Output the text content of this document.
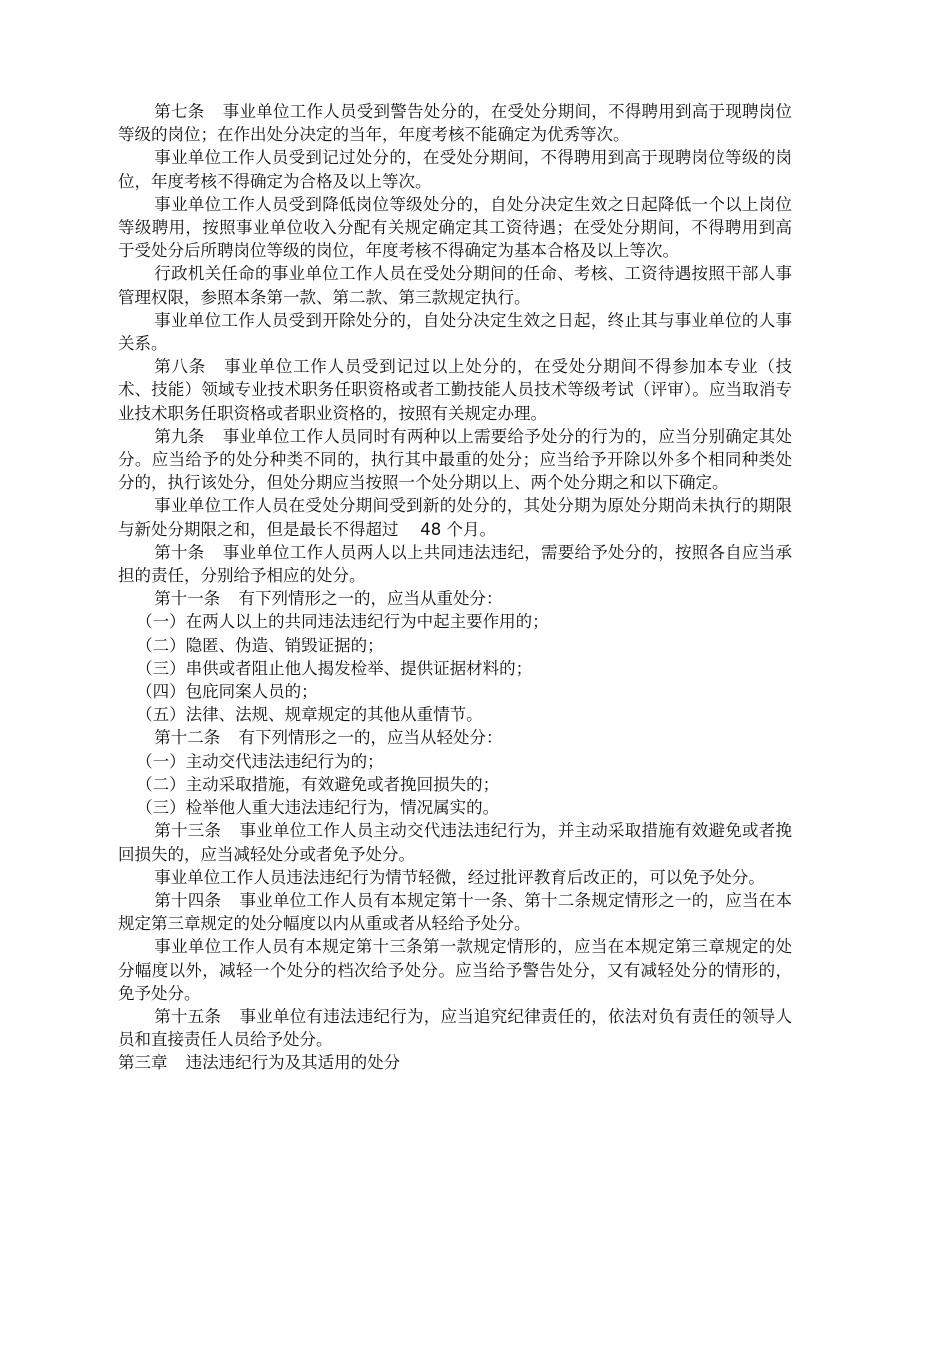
第七条 事业单位工作人员受到警告处分的，在受处分期间，不得聘用到高于现聘岗位等级的岗位；在作出处分决定的当年，年度考核不能确定为优秀等次。

事业单位工作人员受到记过处分的，在受处分期间，不得聘用到高于现聘岗位等级的岗位，年度考核不得确定为合格及以上等次。

事业单位工作人员受到降低岗位等级处分的，自处分决定生效之日起降低一个以上岗位等级聘用，按照事业单位收入分配有关规定确定其工资待遇；在受处分期间，不得聘用到高于受处分后所聘岗位等级的岗位，年度考核不得确定为基本合格及以上等次。

行政机关任命的事业单位工作人员在受处分期间的任命、考核、工资待遇按照干部人事管理权限，参照本条第一款、第二款、第三款规定执行。

事业单位工作人员受到开除处分的，自处分决定生效之日起，终止其与事业单位的人事关系。

第八条 事业单位工作人员受到记过以上处分的，在受处分期间不得参加本专业（技术、技能）领域专业技术职务任职资格或者工勤技能人员技术等级考试（评审）。应当取消专业技术职务任职资格或者职业资格的，按照有关规定办理。

第九条 事业单位工作人员同时有两种以上需要给予处分的行为的，应当分别确定其处分。应当给予的处分种类不同的，执行其中最重的处分；应当给予开除以外多个相同种类处分的，执行该处分，但处分期应当按照一个处分期以上、两个处分期之和以下确定。

事业单位工作人员在受处分期间受到新的处分的，其处分期为原处分期尚未执行的期限与新处分期限之和，但是最长不得超过　 48 个月。

第十条 事业单位工作人员两人以上共同违法违纪，需要给予处分的，按照各自应当承担的责任，分别给予相应的处分。

第十一条 有下列情形之一的，应当从重处分：

（一）在两人以上的共同违法违纪行为中起主要作用的；

（二）隐匿、伪造、销毁证据的；

（三）串供或者阻止他人揭发检举、提供证据材料的；

（四）包庇同案人员的；

（五）法律、法规、规章规定的其他从重情节。

第十二条 有下列情形之一的，应当从轻处分：

（一）主动交代违法违纪行为的；

（二）主动采取措施，有效避免或者挽回损失的；

（三）检举他人重大违法违纪行为，情况属实的。

第十三条 事业单位工作人员主动交代违法违纪行为，并主动采取措施有效避免或者挽回损失的，应当减轻处分或者免予处分。

事业单位工作人员违法违纪行为情节轻微，经过批评教育后改正的，可以免予处分。

第十四条 事业单位工作人员有本规定第十一条、第十二条规定情形之一的，应当在本规定第三章规定的处分幅度以内从重或者从轻给予处分。

事业单位工作人员有本规定第十三条第一款规定情形的，应当在本规定第三章规定的处分幅度以外，减轻一个处分的档次给予处分。应当给予警告处分，又有减轻处分的情形的，免予处分。

第十五条 事业单位有违法违纪行为，应当追究纪律责任的，依法对负有责任的领导人员和直接责任人员给予处分。

第三章 违法违纪行为及其适用的处分
